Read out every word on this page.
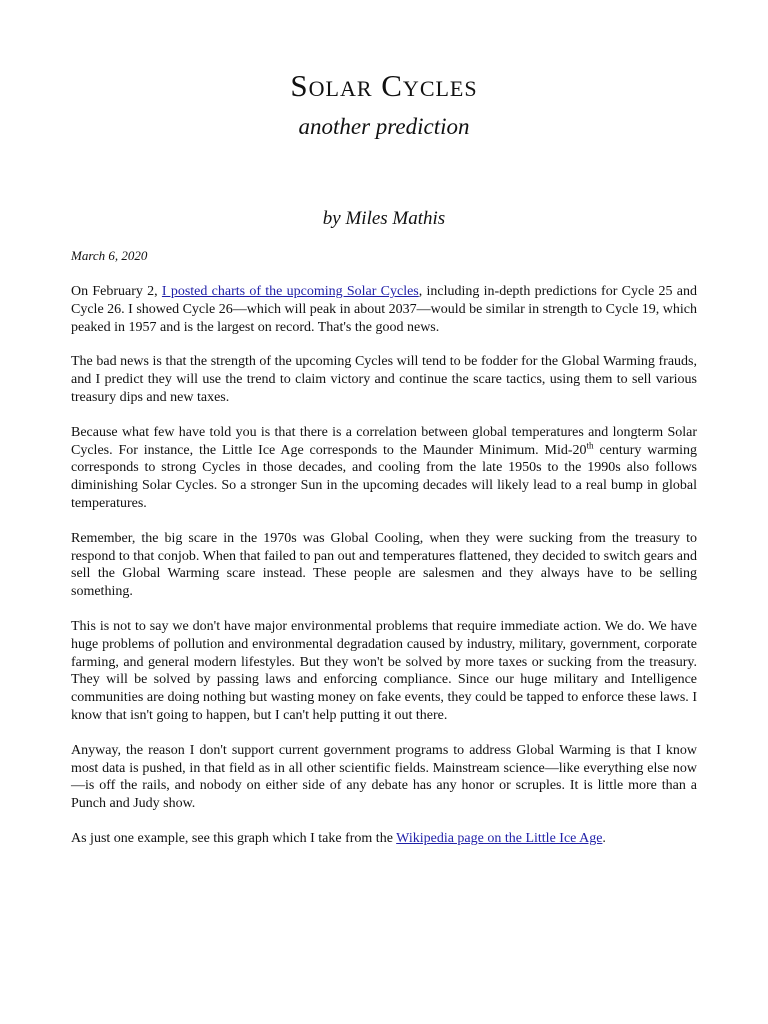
Solar Cycles
another prediction
by Miles Mathis
March 6, 2020

On February 2, I posted charts of the upcoming Solar Cycles, including in-depth predictions for Cycle 25 and Cycle 26. I showed Cycle 26—which will peak in about 2037—would be similar in strength to Cycle 19, which peaked in 1957 and is the largest on record. That's the good news.

The bad news is that the strength of the upcoming Cycles will tend to be fodder for the Global Warming frauds, and I predict they will use the trend to claim victory and continue the scare tactics, using them to sell various treasury dips and new taxes.

Because what few have told you is that there is a correlation between global temperatures and longterm Solar Cycles. For instance, the Little Ice Age corresponds to the Maunder Minimum. Mid-20th century warming corresponds to strong Cycles in those decades, and cooling from the late 1950s to the 1990s also follows diminishing Solar Cycles. So a stronger Sun in the upcoming decades will likely lead to a real bump in global temperatures.

Remember, the big scare in the 1970s was Global Cooling, when they were sucking from the treasury to respond to that conjob. When that failed to pan out and temperatures flattened, they decided to switch gears and sell the Global Warming scare instead. These people are salesmen and they always have to be selling something.

This is not to say we don't have major environmental problems that require immediate action. We do. We have huge problems of pollution and environmental degradation caused by industry, military, government, corporate farming, and general modern lifestyles. But they won't be solved by more taxes or sucking from the treasury. They will be solved by passing laws and enforcing compliance. Since our huge military and Intelligence communities are doing nothing but wasting money on fake events, they could be tapped to enforce these laws. I know that isn't going to happen, but I can't help putting it out there.

Anyway, the reason I don't support current government programs to address Global Warming is that I know most data is pushed, in that field as in all other scientific fields. Mainstream science—like everything else now—is off the rails, and nobody on either side of any debate has any honor or scruples. It is little more than a Punch and Judy show.

As just one example, see this graph which I take from the Wikipedia page on the Little Ice Age.
